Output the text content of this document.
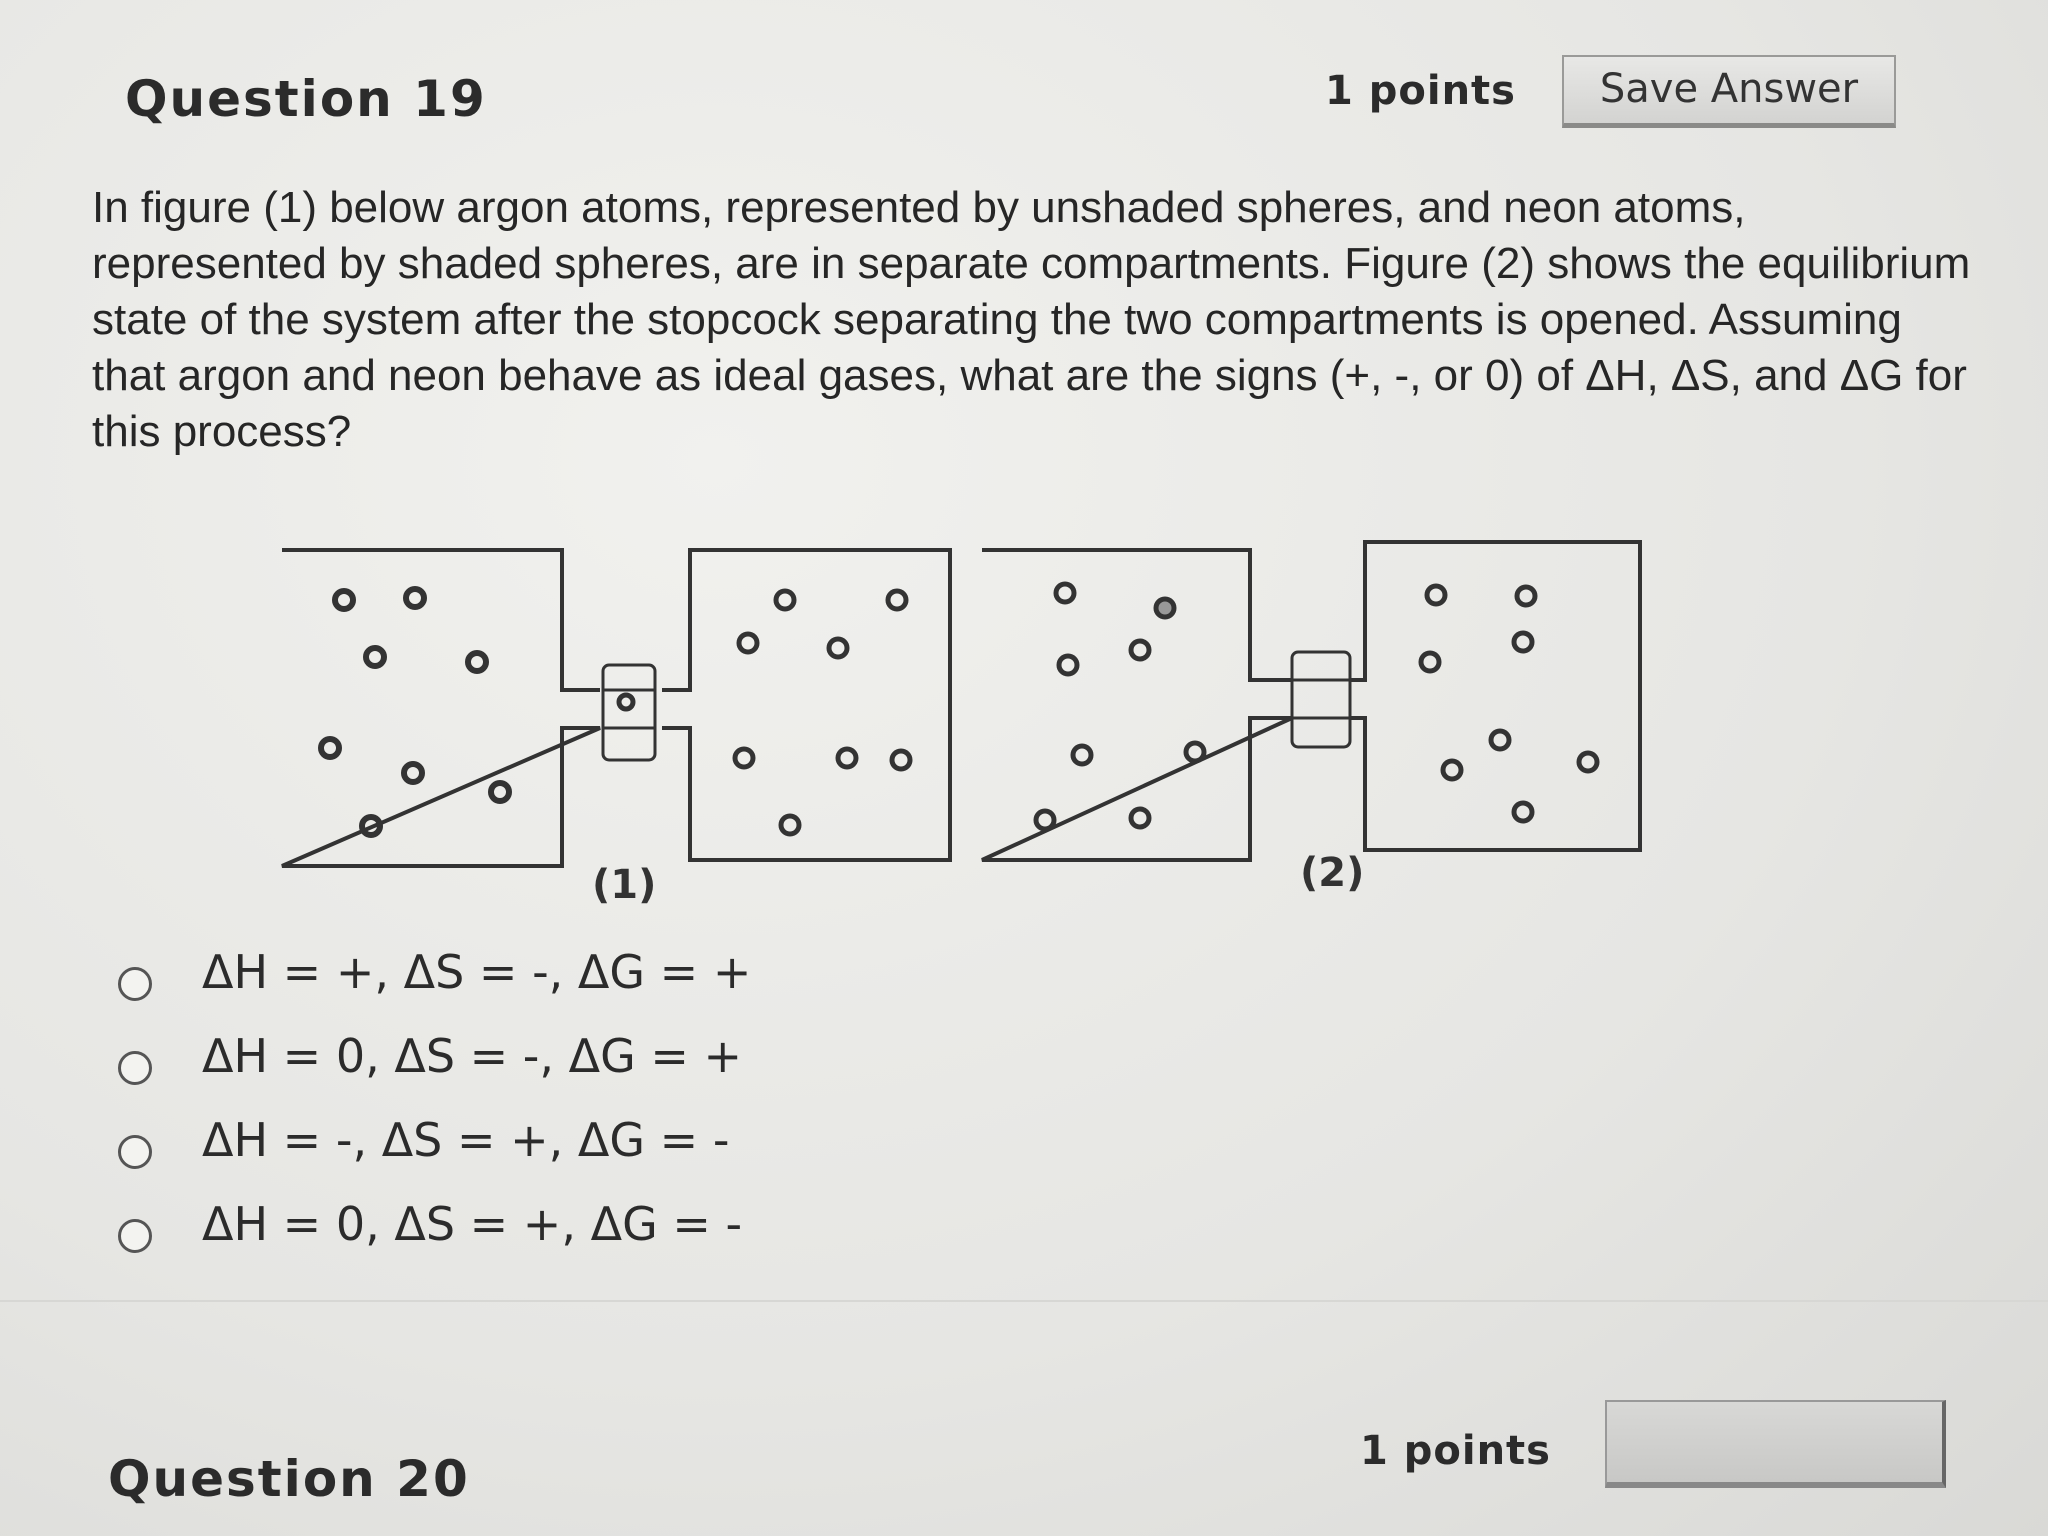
Question 19	1 points	Save Answer
In figure (1) below argon atoms, represented by unshaded spheres, and neon atoms, represented by shaded spheres, are in separate compartments. Figure (2) shows the equilibrium state of the system after the stopcock separating the two compartments is opened. Assuming that argon and neon behave as ideal gases, what are the signs (+, -, or 0) of ΔH, ΔS, and ΔG for this process?
(1)	(2)
ΔH = +, ΔS = -, ΔG = +
ΔH = 0, ΔS = -, ΔG = +
ΔH = -, ΔS = +, ΔG = -
ΔH = 0, ΔS = +, ΔG = -
Question 20	1 points
